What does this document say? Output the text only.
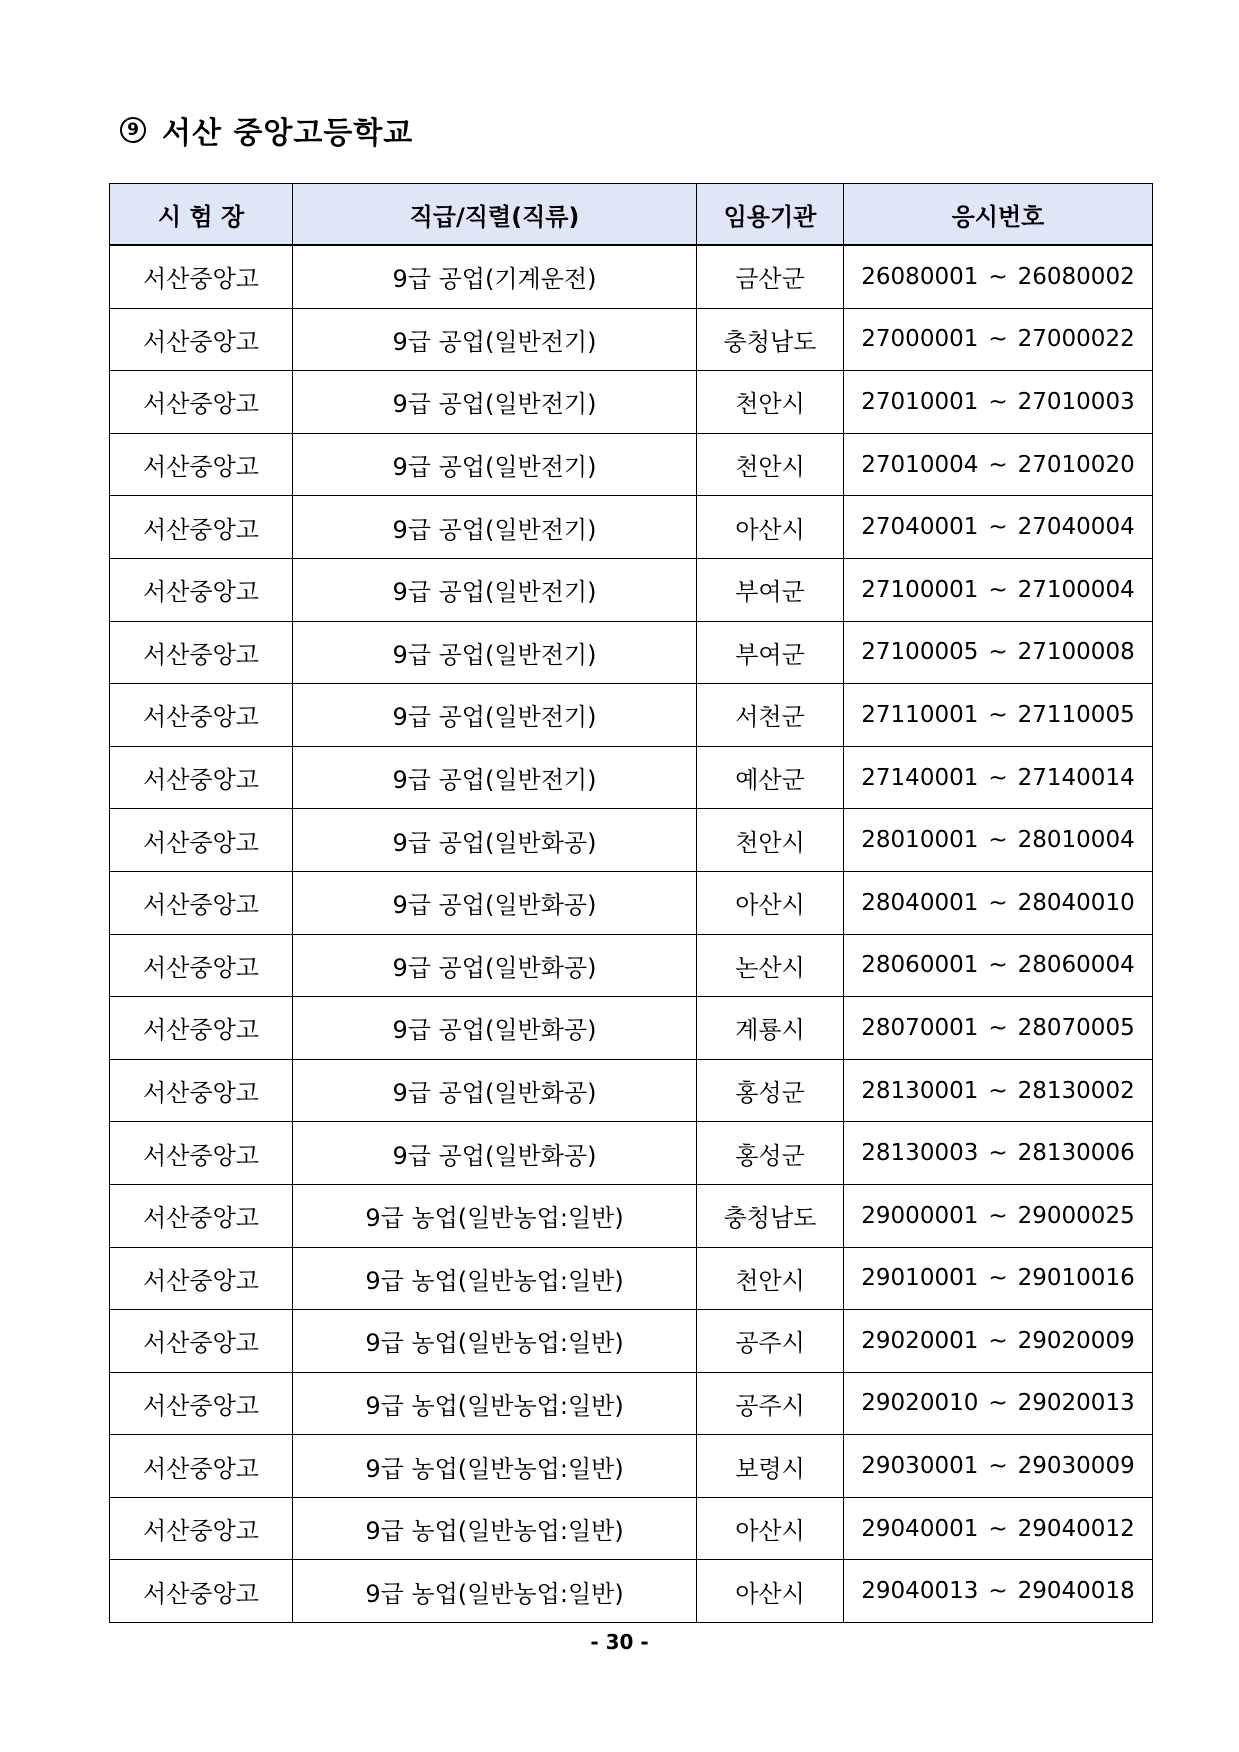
9 서산 중앙고등학교
시 험 장	직급/직렬(직류)	임용기관	응시번호
서산중앙고	9급 공업(기계운전)	금산군	26080001 ~ 26080002
서산중앙고	9급 공업(일반전기)	충청남도	27000001 ~ 27000022
서산중앙고	9급 공업(일반전기)	천안시	27010001 ~ 27010003
서산중앙고	9급 공업(일반전기)	천안시	27010004 ~ 27010020
서산중앙고	9급 공업(일반전기)	아산시	27040001 ~ 27040004
서산중앙고	9급 공업(일반전기)	부여군	27100001 ~ 27100004
서산중앙고	9급 공업(일반전기)	부여군	27100005 ~ 27100008
서산중앙고	9급 공업(일반전기)	서천군	27110001 ~ 27110005
서산중앙고	9급 공업(일반전기)	예산군	27140001 ~ 27140014
서산중앙고	9급 공업(일반화공)	천안시	28010001 ~ 28010004
서산중앙고	9급 공업(일반화공)	아산시	28040001 ~ 28040010
서산중앙고	9급 공업(일반화공)	논산시	28060001 ~ 28060004
서산중앙고	9급 공업(일반화공)	계룡시	28070001 ~ 28070005
서산중앙고	9급 공업(일반화공)	홍성군	28130001 ~ 28130002
서산중앙고	9급 공업(일반화공)	홍성군	28130003 ~ 28130006
서산중앙고	9급 농업(일반농업:일반)	충청남도	29000001 ~ 29000025
서산중앙고	9급 농업(일반농업:일반)	천안시	29010001 ~ 29010016
서산중앙고	9급 농업(일반농업:일반)	공주시	29020001 ~ 29020009
서산중앙고	9급 농업(일반농업:일반)	공주시	29020010 ~ 29020013
서산중앙고	9급 농업(일반농업:일반)	보령시	29030001 ~ 29030009
서산중앙고	9급 농업(일반농업:일반)	아산시	29040001 ~ 29040012
서산중앙고	9급 농업(일반농업:일반)	아산시	29040013 ~ 29040018
- 30 -
